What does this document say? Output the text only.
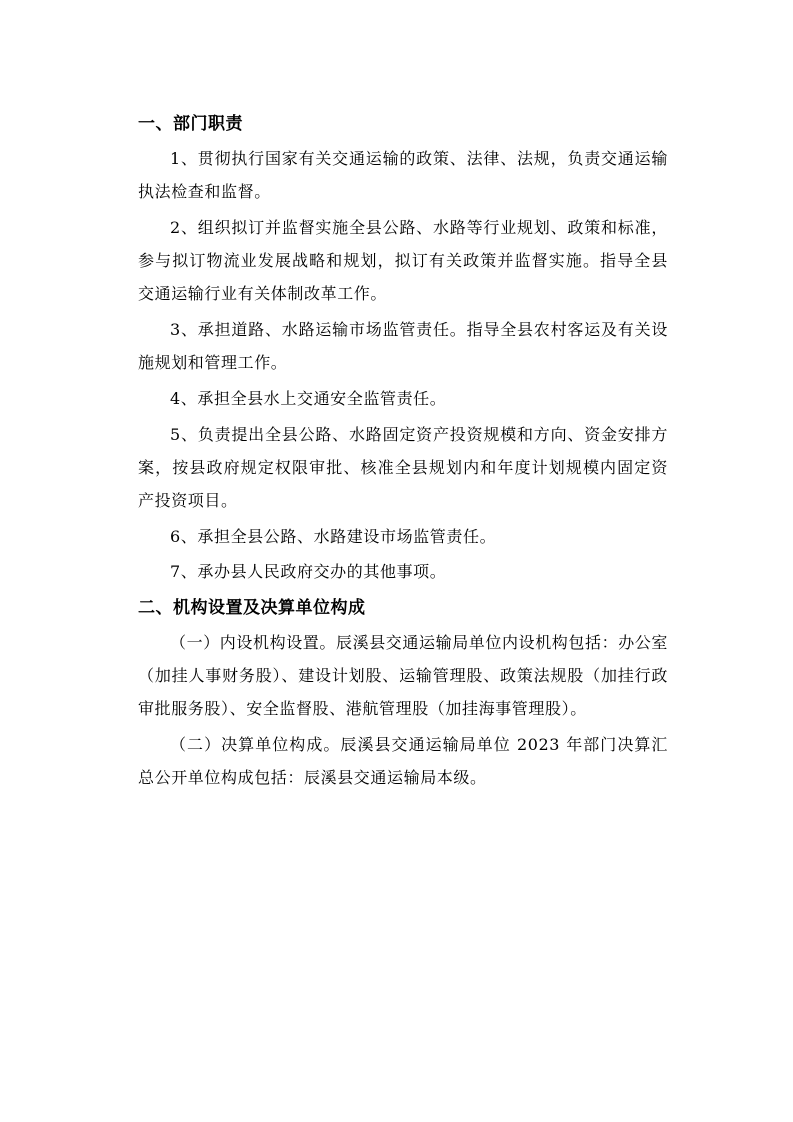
一、部门职责

1、贯彻执行国家有关交通运输的政策、法律、法规，负责交通运输执法检查和监督。

2、组织拟订并监督实施全县公路、水路等行业规划、政策和标准，参与拟订物流业发展战略和规划，拟订有关政策并监督实施。指导全县交通运输行业有关体制改革工作。

3、承担道路、水路运输市场监管责任。指导全县农村客运及有关设施规划和管理工作。

4、承担全县水上交通安全监管责任。

5、负责提出全县公路、水路固定资产投资规模和方向、资金安排方案，按县政府规定权限审批、核准全县规划内和年度计划规模内固定资产投资项目。

6、承担全县公路、水路建设市场监管责任。

7、承办县人民政府交办的其他事项。

二、机构设置及决算单位构成

（一）内设机构设置。辰溪县交通运输局单位内设机构包括：办公室（加挂人事财务股）、建设计划股、运输管理股、政策法规股（加挂行政审批服务股）、安全监督股、港航管理股（加挂海事管理股）。

（二）决算单位构成。辰溪县交通运输局单位 2023 年部门决算汇总公开单位构成包括：辰溪县交通运输局本级。
